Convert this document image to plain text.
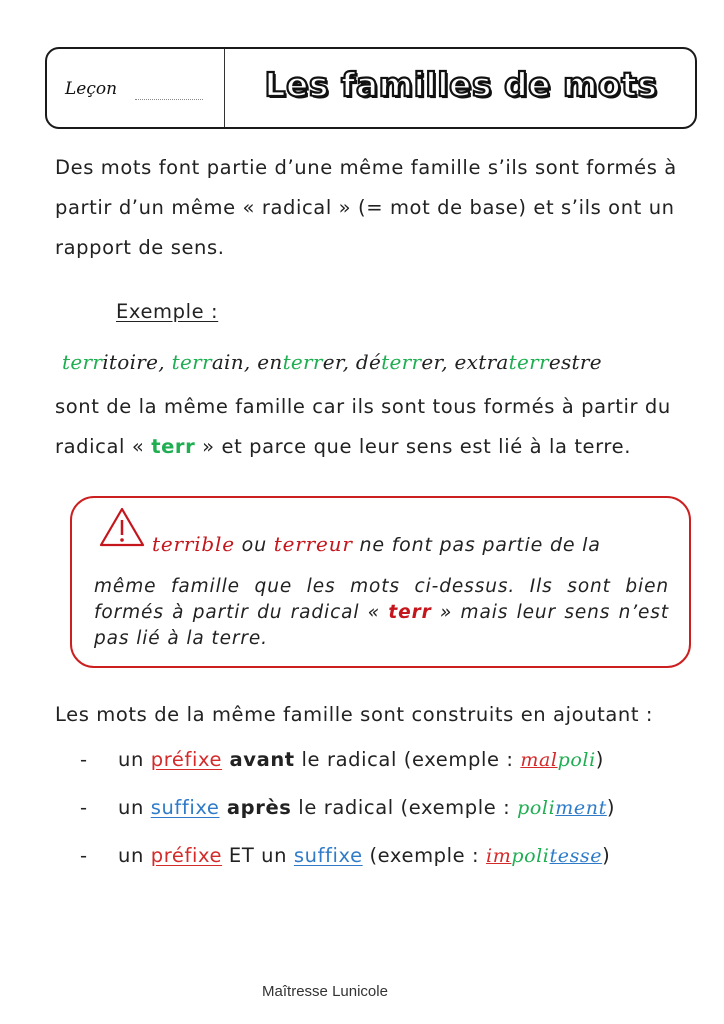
Leçon	Les familles de mots
Des mots font partie d’une même famille s’ils sont formés à partir d’un même « radical » (= mot de base) et s’ils ont un rapport de sens.
Exemple :
territoire, terrain, enterrer, déterrer, extraterrestre
sont de la même famille car ils sont tous formés à partir du radical « terr » et parce que leur sens est lié à la terre.
terrible ou terreur ne font pas partie de la
même famille que les mots ci-dessus. Ils sont bien formés à partir du radical « terr » mais leur sens n’est pas lié à la terre.
Les mots de la même famille sont construits en ajoutant :
- un préfixe avant le radical (exemple : malpoli)
- un suffixe après le radical (exemple : poliment)
- un préfixe ET un suffixe (exemple : impolitesse)
Maîtresse Lunicole
